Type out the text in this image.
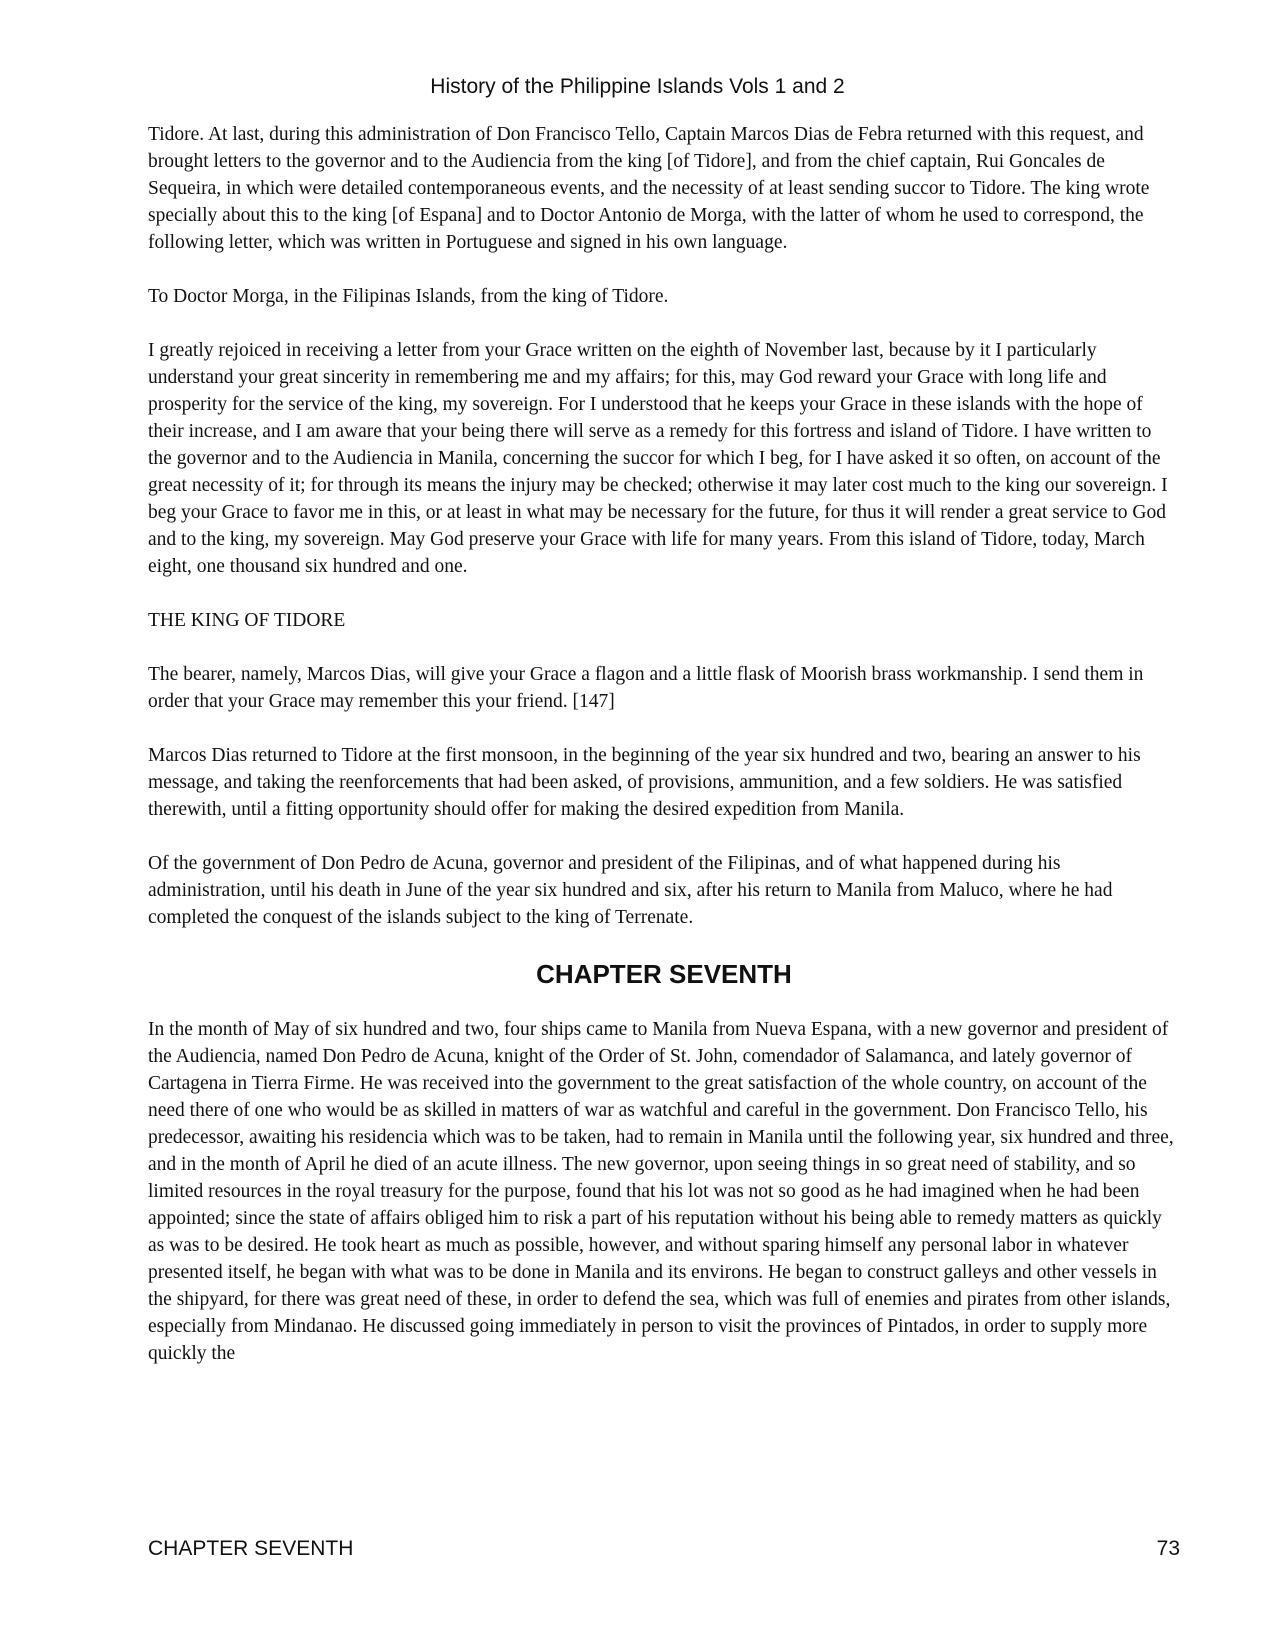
History of the Philippine Islands Vols 1 and 2

Tidore. At last, during this administration of Don Francisco Tello, Captain Marcos Dias de Febra returned with this request, and brought letters to the governor and to the Audiencia from the king [of Tidore], and from the chief captain, Rui Goncales de Sequeira, in which were detailed contemporaneous events, and the necessity of at least sending succor to Tidore. The king wrote specially about this to the king [of Espana] and to Doctor Antonio de Morga, with the latter of whom he used to correspond, the following letter, which was written in Portuguese and signed in his own language.

To Doctor Morga, in the Filipinas Islands, from the king of Tidore.

I greatly rejoiced in receiving a letter from your Grace written on the eighth of November last, because by it I particularly understand your great sincerity in remembering me and my affairs; for this, may God reward your Grace with long life and prosperity for the service of the king, my sovereign. For I understood that he keeps your Grace in these islands with the hope of their increase, and I am aware that your being there will serve as a remedy for this fortress and island of Tidore. I have written to the governor and to the Audiencia in Manila, concerning the succor for which I beg, for I have asked it so often, on account of the great necessity of it; for through its means the injury may be checked; otherwise it may later cost much to the king our sovereign. I beg your Grace to favor me in this, or at least in what may be necessary for the future, for thus it will render a great service to God and to the king, my sovereign. May God preserve your Grace with life for many years. From this island of Tidore, today, March eight, one thousand six hundred and one.

THE KING OF TIDORE

The bearer, namely, Marcos Dias, will give your Grace a flagon and a little flask of Moorish brass workmanship. I send them in order that your Grace may remember this your friend. [147]

Marcos Dias returned to Tidore at the first monsoon, in the beginning of the year six hundred and two, bearing an answer to his message, and taking the reenforcements that had been asked, of provisions, ammunition, and a few soldiers. He was satisfied therewith, until a fitting opportunity should offer for making the desired expedition from Manila.

Of the government of Don Pedro de Acuna, governor and president of the Filipinas, and of what happened during his administration, until his death in June of the year six hundred and six, after his return to Manila from Maluco, where he had completed the conquest of the islands subject to the king of Terrenate.

CHAPTER SEVENTH

In the month of May of six hundred and two, four ships came to Manila from Nueva Espana, with a new governor and president of the Audiencia, named Don Pedro de Acuna, knight of the Order of St. John, comendador of Salamanca, and lately governor of Cartagena in Tierra Firme. He was received into the government to the great satisfaction of the whole country, on account of the need there of one who would be as skilled in matters of war as watchful and careful in the government. Don Francisco Tello, his predecessor, awaiting his residencia which was to be taken, had to remain in Manila until the following year, six hundred and three, and in the month of April he died of an acute illness. The new governor, upon seeing things in so great need of stability, and so limited resources in the royal treasury for the purpose, found that his lot was not so good as he had imagined when he had been appointed; since the state of affairs obliged him to risk a part of his reputation without his being able to remedy matters as quickly as was to be desired. He took heart as much as possible, however, and without sparing himself any personal labor in whatever presented itself, he began with what was to be done in Manila and its environs. He began to construct galleys and other vessels in the shipyard, for there was great need of these, in order to defend the sea, which was full of enemies and pirates from other islands, especially from Mindanao. He discussed going immediately in person to visit the provinces of Pintados, in order to supply more quickly the

CHAPTER SEVENTH	73
